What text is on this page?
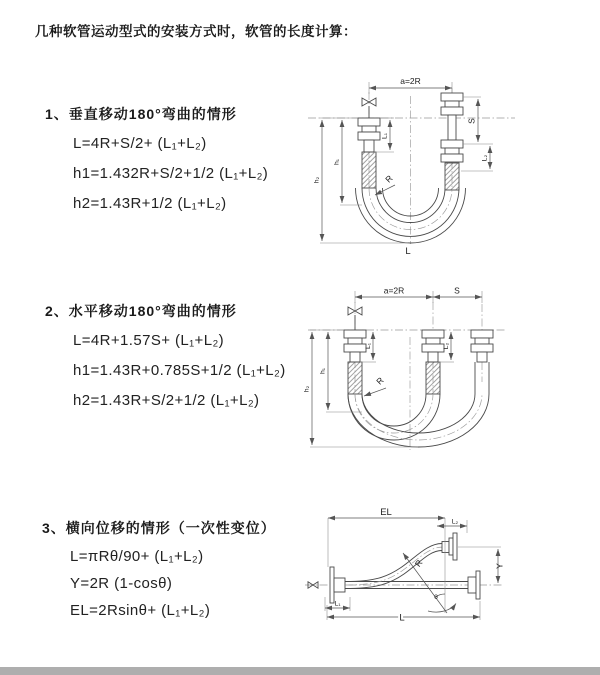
几种软管运动型式的安装方式时，软管的长度计算：
1、垂直移动180°弯曲的情形
L=4R+S/2+ (L₁+L₂)
h1=1.432R+S/2+1/2 (L₁+L₂)
h2=1.43R+1/2 (L₁+L₂)
a=2R
L₁
S
L₂
h₁
h₂	R
L
2、水平移动180°弯曲的情形
L=4R+1.57S+ (L₁+L₂)
h1=1.43R+0.785S+1/2 (L₁+L₂)
h2=1.43R+S/2+1/2 (L₁+L₂)
a=2R	S
h₁
h₂
L₁	L₂
R
3、横向位移的情形（一次性变位）
L=πRθ/90+ (L₁+L₂)
Y=2R (1-cosθ)
EL=2Rsinθ+ (L₁+L₂)
EL
L₂
Y
R
θ
L₁
L
